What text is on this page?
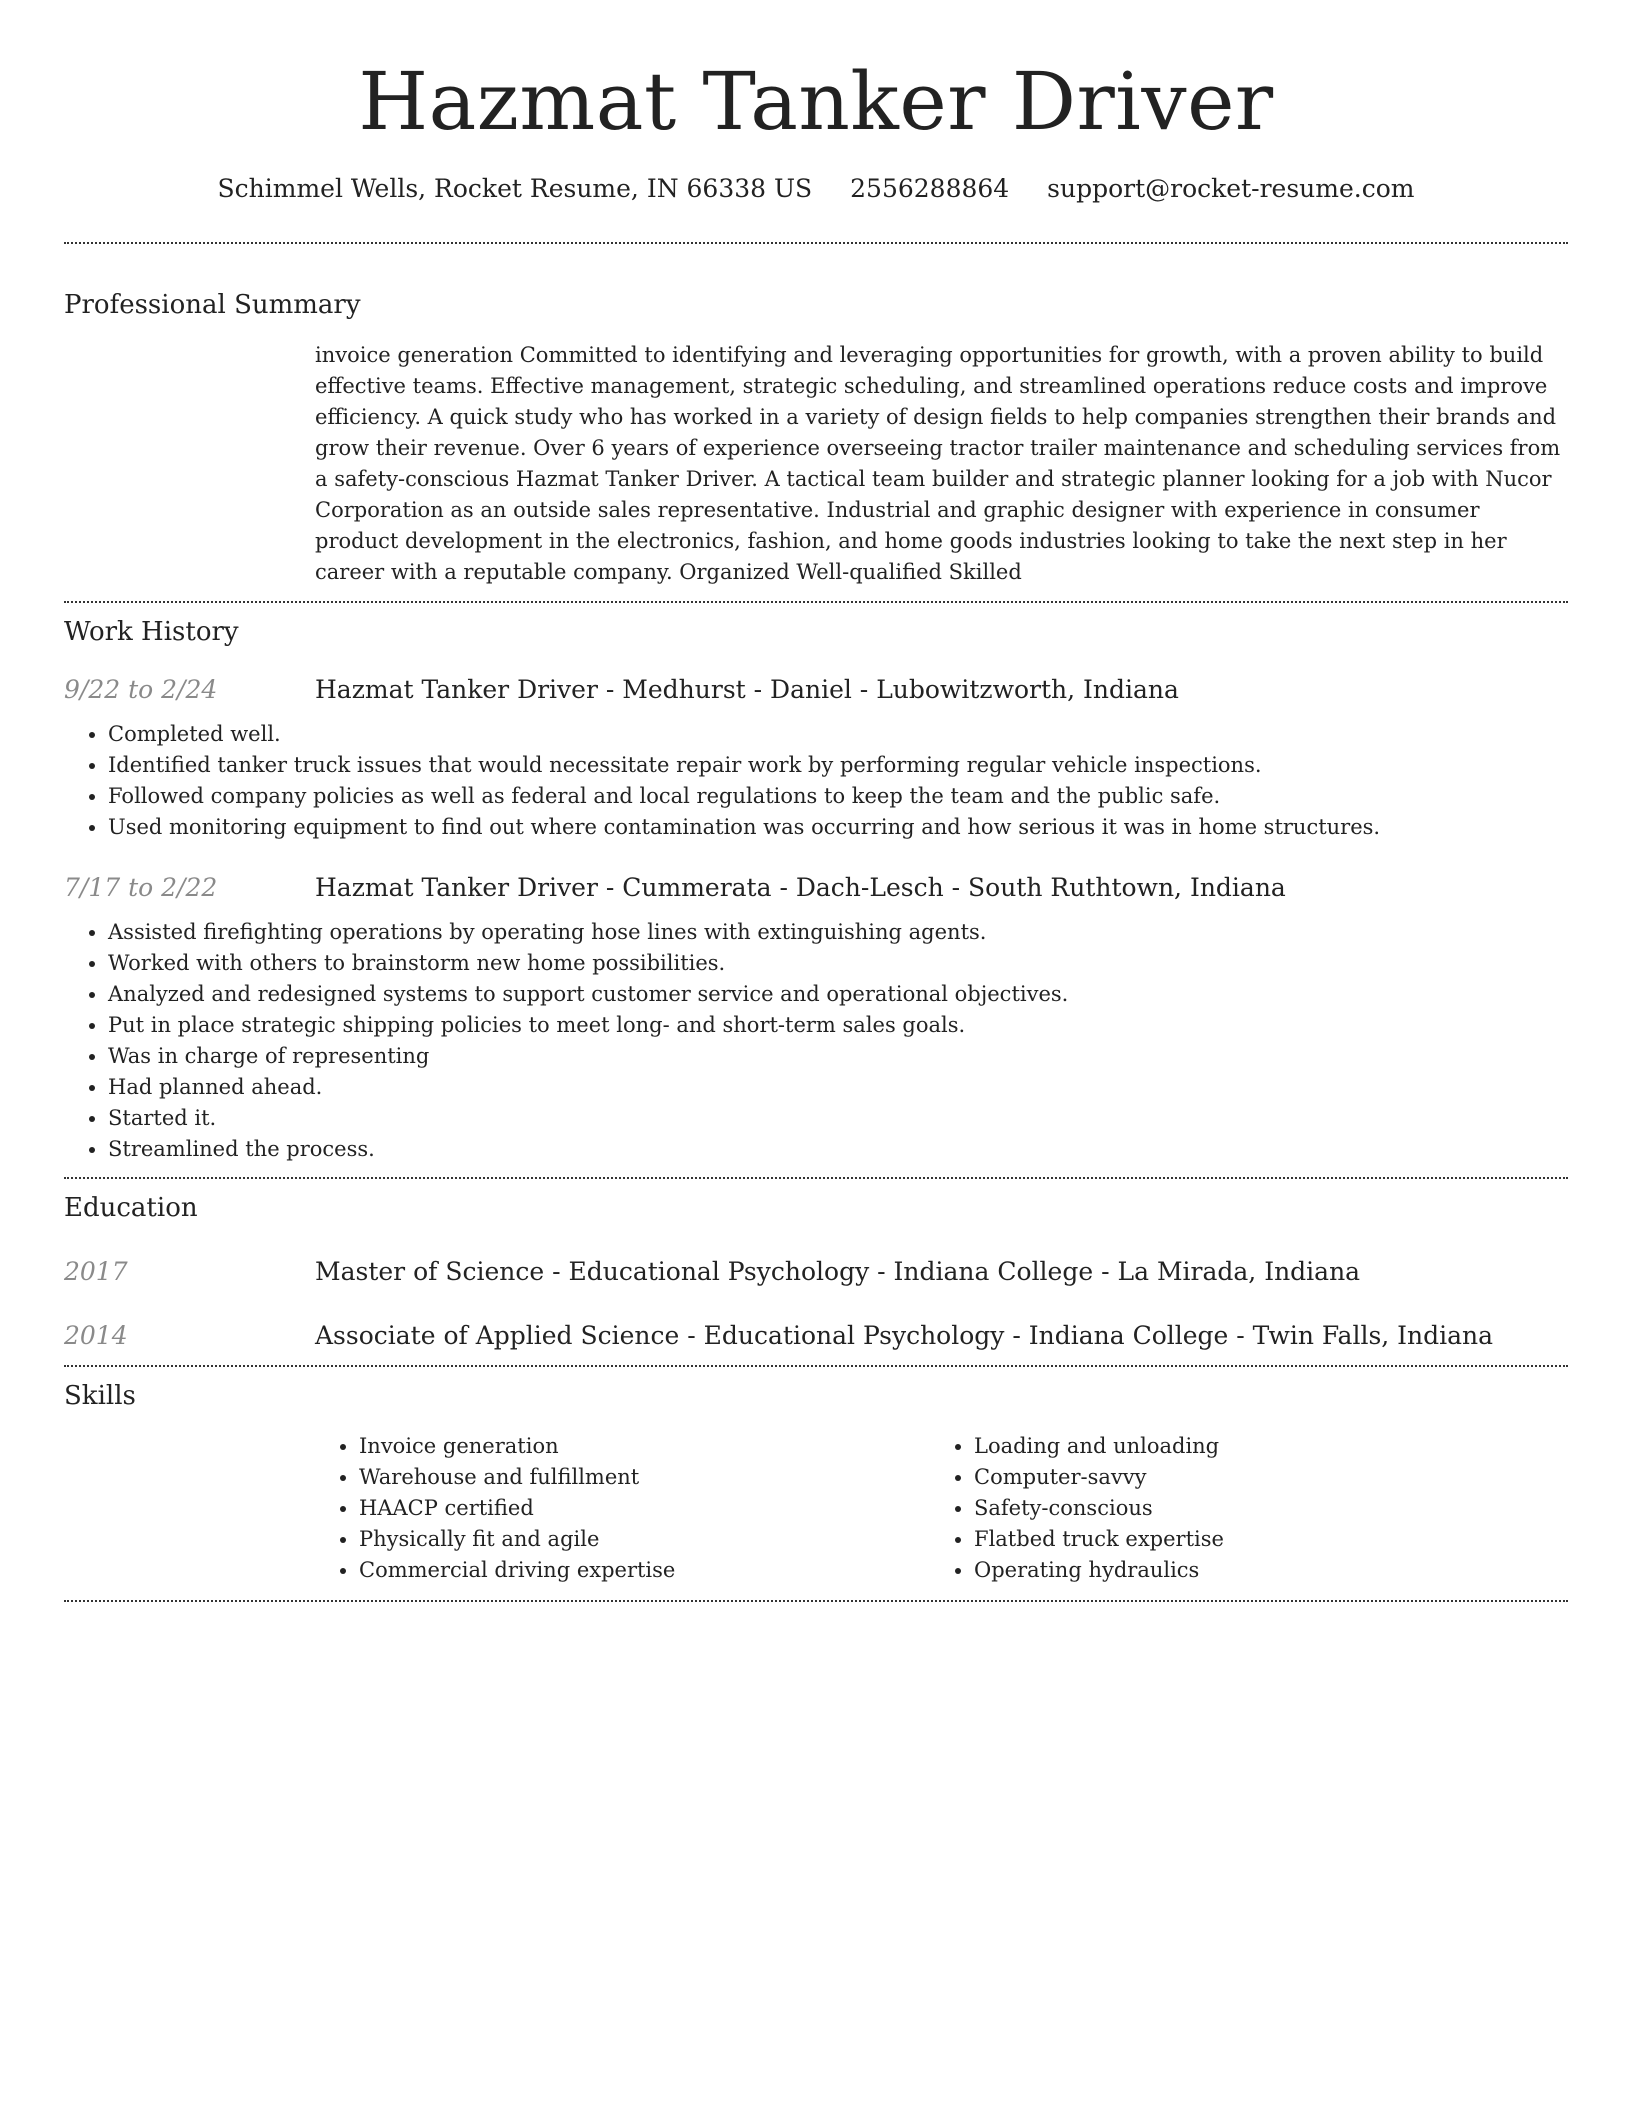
Hazmat Tanker Driver
Schimmel Wells, Rocket Resume, IN 66338 US 2556288864 support@rocket-resume.com
Professional Summary

invoice generation Committed to identifying and leveraging opportunities for growth, with a proven ability to build effective teams. Effective management, strategic scheduling, and streamlined operations reduce costs and improve efficiency. A quick study who has worked in a variety of design fields to help companies strengthen their brands and grow their revenue. Over 6 years of experience overseeing tractor trailer maintenance and scheduling services from a safety-conscious Hazmat Tanker Driver. A tactical team builder and strategic planner looking for a job with Nucor Corporation as an outside sales representative. Industrial and graphic designer with experience in consumer product development in the electronics, fashion, and home goods industries looking to take the next step in her career with a reputable company. Organized Well-qualified Skilled

Work History
9/22 to 2/24	Hazmat Tanker Driver - Medhurst - Daniel - Lubowitzworth, Indiana
• Completed well.
• Identified tanker truck issues that would necessitate repair work by performing regular vehicle inspections.
• Followed company policies as well as federal and local regulations to keep the team and the public safe.
• Used monitoring equipment to find out where contamination was occurring and how serious it was in home structures.
7/17 to 2/22	Hazmat Tanker Driver - Cummerata - Dach-Lesch - South Ruthtown, Indiana
• Assisted firefighting operations by operating hose lines with extinguishing agents.
• Worked with others to brainstorm new home possibilities.
• Analyzed and redesigned systems to support customer service and operational objectives.
• Put in place strategic shipping policies to meet long- and short-term sales goals.
• Was in charge of representing
• Had planned ahead.
• Started it.
• Streamlined the process.
Education
2017	Master of Science - Educational Psychology - Indiana College - La Mirada, Indiana
2014	Associate of Applied Science - Educational Psychology - Indiana College - Twin Falls, Indiana
Skills
• Invoice generation
• Warehouse and fulfillment
• HAACP certified
• Physically fit and agile
• Commercial driving expertise
• Loading and unloading
• Computer-savvy
• Safety-conscious
• Flatbed truck expertise
• Operating hydraulics
